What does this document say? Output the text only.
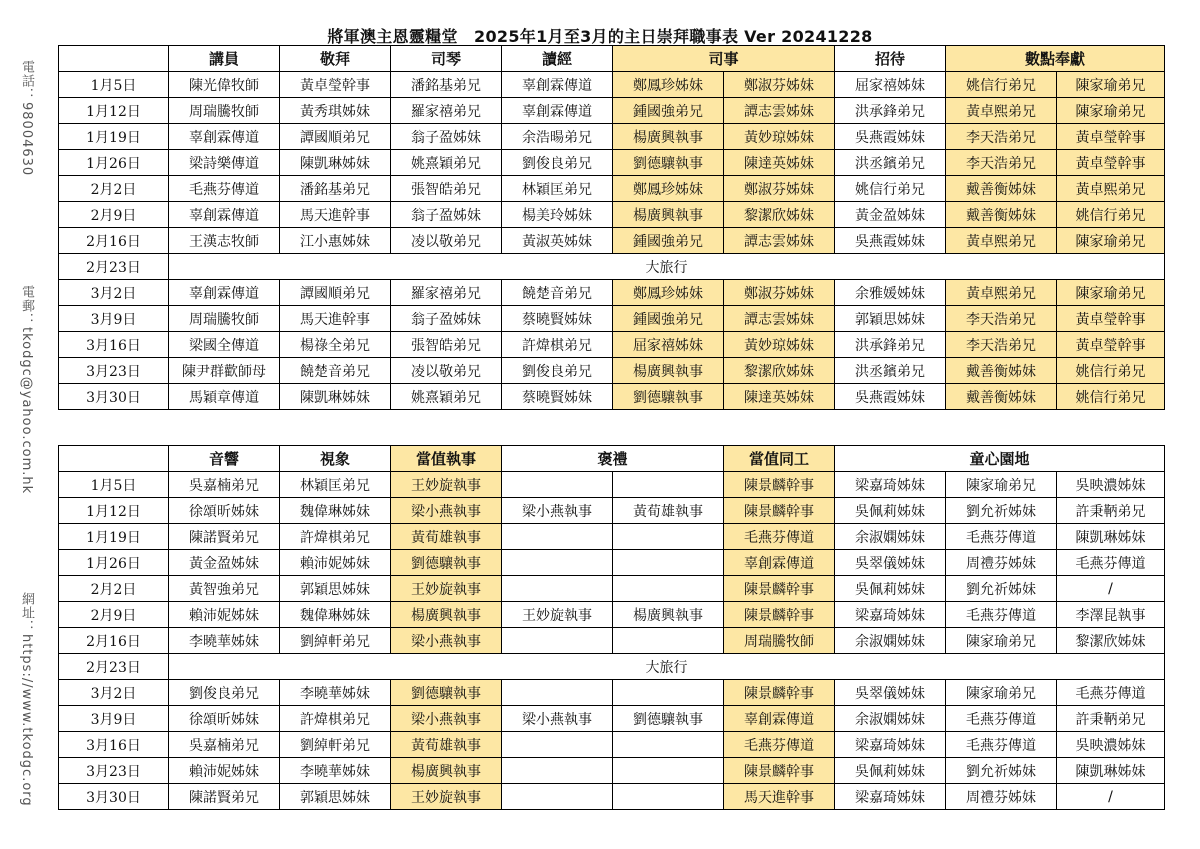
將軍澳主恩靈糧堂　2025年1月至3月的主日崇拜職事表 Ver 20241228
電話：98004630
電郵：tkodgc@yahoo.com.hk
網址：https://www.tkodgc.org
	講員	敬拜	司琴	讀經	司事		招待	數點奉獻	
1月5日	陳光偉牧師	黃卓瑩幹事	潘銘基弟兄	辜創霖傳道	鄭鳳珍姊妹	鄭淑芬姊妹	屈家禧姊妹	姚信行弟兄	陳家瑜弟兄
1月12日	周瑞騰牧師	黃秀琪姊妹	羅家禧弟兄	辜創霖傳道	鍾國強弟兄	譚志雲姊妹	洪承鋒弟兄	黃卓熙弟兄	陳家瑜弟兄
1月19日	辜創霖傳道	譚國順弟兄	翁子盈姊妹	余浩暘弟兄	楊廣興執事	黃妙琼姊妹	吳燕霞姊妹	李天浩弟兄	黃卓瑩幹事
1月26日	梁詩樂傳道	陳凱琳姊妹	姚熹穎弟兄	劉俊良弟兄	劉德驤執事	陳達英姊妹	洪丞鑌弟兄	李天浩弟兄	黃卓瑩幹事
2月2日	毛燕芬傳道	潘銘基弟兄	張智皓弟兄	林穎匡弟兄	鄭鳳珍姊妹	鄭淑芬姊妹	姚信行弟兄	戴善衡姊妹	黃卓熙弟兄
2月9日	辜創霖傳道	馬天進幹事	翁子盈姊妹	楊美玲姊妹	楊廣興執事	黎潔欣姊妹	黃金盈姊妹	戴善衡姊妹	姚信行弟兄
2月16日	王漢志牧師	江小惠姊妹	凌以敬弟兄	黃淑英姊妹	鍾國強弟兄	譚志雲姊妹	吳燕霞姊妹	黃卓熙弟兄	陳家瑜弟兄
2月23日	大旅行								
3月2日	辜創霖傳道	譚國順弟兄	羅家禧弟兄	饒楚音弟兄	鄭鳳珍姊妹	鄭淑芬姊妹	余雅媛姊妹	黃卓熙弟兄	陳家瑜弟兄
3月9日	周瑞騰牧師	馬天進幹事	翁子盈姊妹	蔡曉賢姊妹	鍾國強弟兄	譚志雲姊妹	郭穎思姊妹	李天浩弟兄	黃卓瑩幹事
3月16日	梁國全傳道	楊祿全弟兄	張智皓弟兄	許煒棋弟兄	屈家禧姊妹	黃妙琼姊妹	洪承鋒弟兄	李天浩弟兄	黃卓瑩幹事
3月23日	陳尹群歡師母	饒楚音弟兄	凌以敬弟兄	劉俊良弟兄	楊廣興執事	黎潔欣姊妹	洪丞鑌弟兄	戴善衡姊妹	姚信行弟兄
3月30日	馬穎章傳道	陳凱琳姊妹	姚熹穎弟兄	蔡曉賢姊妹	劉德驤執事	陳達英姊妹	吳燕霞姊妹	戴善衡姊妹	姚信行弟兄
	音響	視象	當值執事	褒禮		當值同工	童心園地		
1月5日	吳嘉楠弟兄	林穎匡弟兄	王妙旋執事			陳景麟幹事	梁嘉琦姊妹	陳家瑜弟兄	吳映濃姊妹
1月12日	徐頌昕姊妹	魏偉琳姊妹	梁小燕執事	梁小燕執事	黃荀雄執事	陳景麟幹事	吳佩莉姊妹	劉允祈姊妹	許秉鞆弟兄
1月19日	陳諾賢弟兄	許煒棋弟兄	黃荀雄執事			毛燕芬傳道	余淑嫻姊妹	毛燕芬傳道	陳凱琳姊妹
1月26日	黃金盈姊妹	賴沛妮姊妹	劉德驤執事			辜創霖傳道	吳翠儀姊妹	周禮芬姊妹	毛燕芬傳道
2月2日	黃智強弟兄	郭穎思姊妹	王妙旋執事			陳景麟幹事	吳佩莉姊妹	劉允祈姊妹	/
2月9日	賴沛妮姊妹	魏偉琳姊妹	楊廣興執事	王妙旋執事	楊廣興執事	陳景麟幹事	梁嘉琦姊妹	毛燕芬傳道	李澤昆執事
2月16日	李曉華姊妹	劉綽軒弟兄	梁小燕執事			周瑞騰牧師	余淑嫻姊妹	陳家瑜弟兄	黎潔欣姊妹
2月23日	大旅行								
3月2日	劉俊良弟兄	李曉華姊妹	劉德驤執事			陳景麟幹事	吳翠儀姊妹	陳家瑜弟兄	毛燕芬傳道
3月9日	徐頌昕姊妹	許煒棋弟兄	梁小燕執事	梁小燕執事	劉德驤執事	辜創霖傳道	余淑嫻姊妹	毛燕芬傳道	許秉鞆弟兄
3月16日	吳嘉楠弟兄	劉綽軒弟兄	黃荀雄執事			毛燕芬傳道	梁嘉琦姊妹	毛燕芬傳道	吳映濃姊妹
3月23日	賴沛妮姊妹	李曉華姊妹	楊廣興執事			陳景麟幹事	吳佩莉姊妹	劉允祈姊妹	陳凱琳姊妹
3月30日	陳諾賢弟兄	郭穎思姊妹	王妙旋執事			馬天進幹事	梁嘉琦姊妹	周禮芬姊妹	/
